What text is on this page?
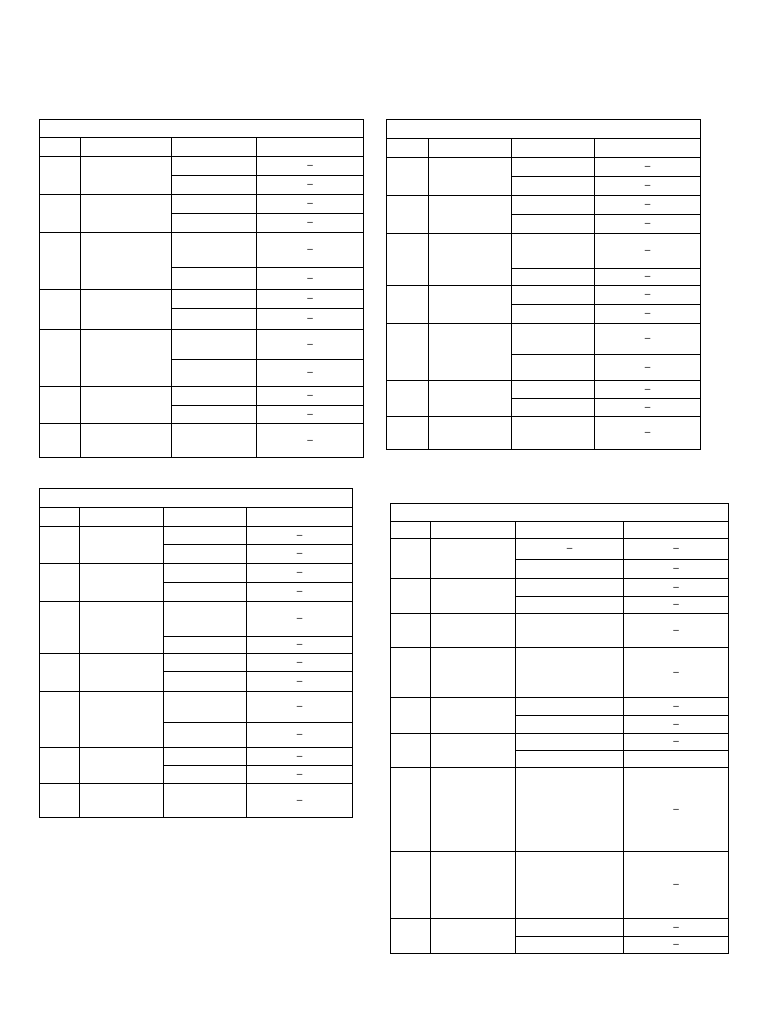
			–
			–
			–
			–
			–
			–
			–
			–
			–
			–
			–
			–
			–

			–
			–
			–
			–
			–
			–
			–
			–
			–
			–
			–
			–
			–

			–
			–
			–
			–
			–
			–
			–
			–
			–
			–
			–
			–
			–

		–	–
			–
			–
			–
			–
			–
			–
			–
			–

			–
			–
			–
			–
